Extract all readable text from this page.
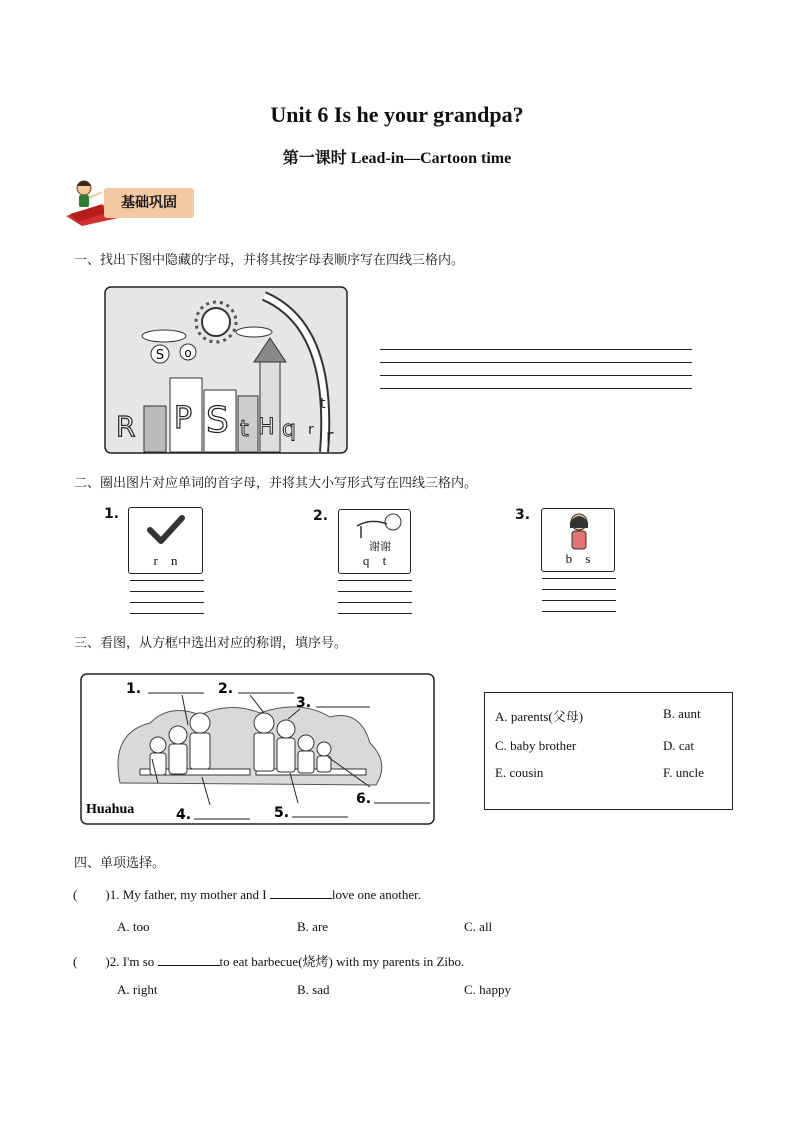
Unit 6 Is he your grandpa?
第一课时 Lead-in—Cartoon time
基础巩固
一、找出下图中隐藏的字母，并将其按字母表顺序写在四线三格内。
S o
R P S t H q
t
r
r
二、圈出图片对应单词的首字母，并将其大小写形式写在四线三格内。
1.
r n
2.
谢谢
q t
3.
b s
三、看图，从方框中选出对应的称谓，填序号。
1.	2.
3.
4.	5.
6.
Huahua
A. parents(父母)	B. aunt
C. baby brother	D. cat
E. cousin	F. uncle
四、单项选择。
( )1. My father, my mother and I	love one another.
A. too	B. are	C. all
( )2. I'm so	to eat barbecue(烧烤) with my parents in Zibo.
A. right	B. sad	C. happy
